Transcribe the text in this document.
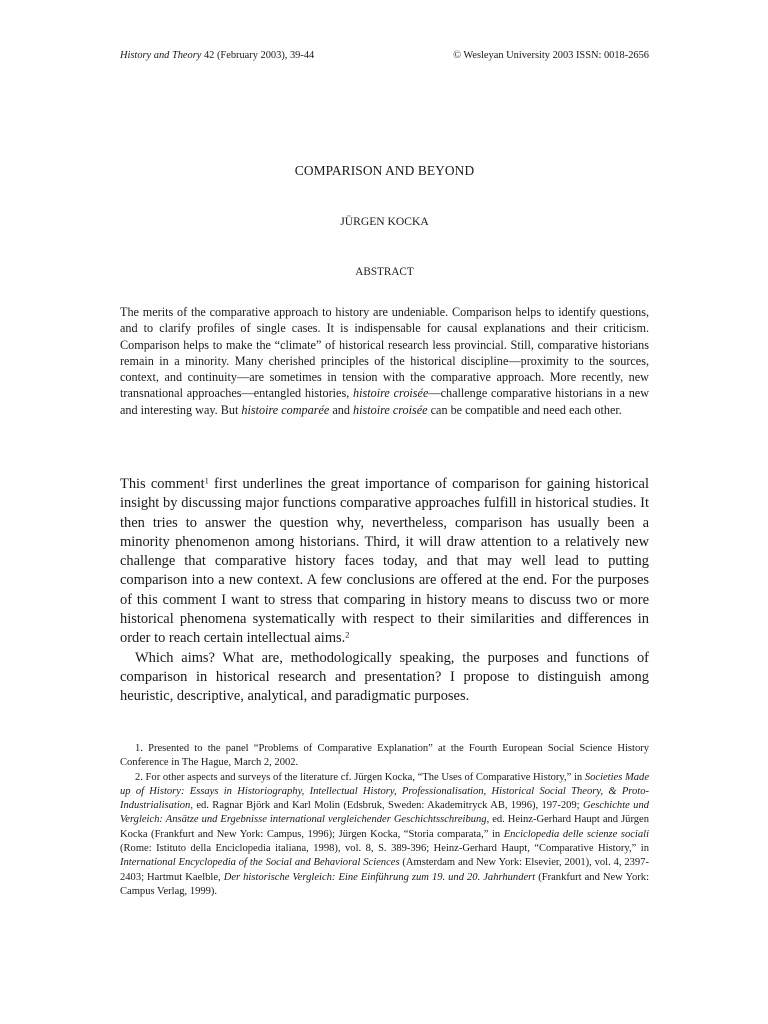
History and Theory 42 (February 2003), 39-44	© Wesleyan University 2003 ISSN: 0018-2656
COMPARISON AND BEYOND
JÜRGEN KOCKA
ABSTRACT
The merits of the comparative approach to history are undeniable. Comparison helps to identify questions, and to clarify profiles of single cases. It is indispensable for causal explanations and their criticism. Comparison helps to make the “climate” of historical research less provincial. Still, comparative historians remain in a minority. Many cherished principles of the historical discipline—proximity to the sources, context, and continuity—are sometimes in tension with the comparative approach. More recently, new transnational approaches—entangled histories, histoire croisée—challenge comparative historians in a new and interesting way. But histoire comparée and histoire croisée can be compatible and need each other.

This comment$^1$ first underlines the great importance of comparison for gaining historical insight by discussing major functions comparative approaches fulfill in historical studies. It then tries to answer the question why, nevertheless, comparison has usually been a minority phenomenon among historians. Third, it will draw attention to a relatively new challenge that comparative history faces today, and that may well lead to putting comparison into a new context. A few conclusions are offered at the end. For the purposes of this comment I want to stress that comparing in history means to discuss two or more historical phenomena systematically with respect to their similarities and differences in order to reach certain intellectual aims.$^2$

Which aims? What are, methodologically speaking, the purposes and functions of comparison in historical research and presentation? I propose to distinguish among heuristic, descriptive, analytical, and paradigmatic purposes.

1. Presented to the panel “Problems of Comparative Explanation” at the Fourth European Social Science History Conference in The Hague, March 2, 2002.

2. For other aspects and surveys of the literature cf. Jürgen Kocka, “The Uses of Comparative History,” in Societies Made up of History: Essays in Historiography, Intellectual History, Professionalisation, Historical Social Theory, & Proto-Industrialisation, ed. Ragnar Björk and Karl Molin (Edsbruk, Sweden: Akademitryck AB, 1996), 197-209; Geschichte und Vergleich: Ansätze und Ergebnisse international vergleichender Geschichtsschreibung, ed. Heinz-Gerhard Haupt and Jürgen Kocka (Frankfurt and New York: Campus, 1996); Jürgen Kocka, “Storia comparata,” in Enciclopedia delle scienze sociali (Rome: Istituto della Enciclopedia italiana, 1998), vol. 8, S. 389-396; Heinz-Gerhard Haupt, “Comparative History,” in International Encyclopedia of the Social and Behavioral Sciences (Amsterdam and New York: Elsevier, 2001), vol. 4, 2397-2403; Hartmut Kaelble, Der historische Vergleich: Eine Einführung zum 19. und 20. Jahrhundert (Frankfurt and New York: Campus Verlag, 1999).
